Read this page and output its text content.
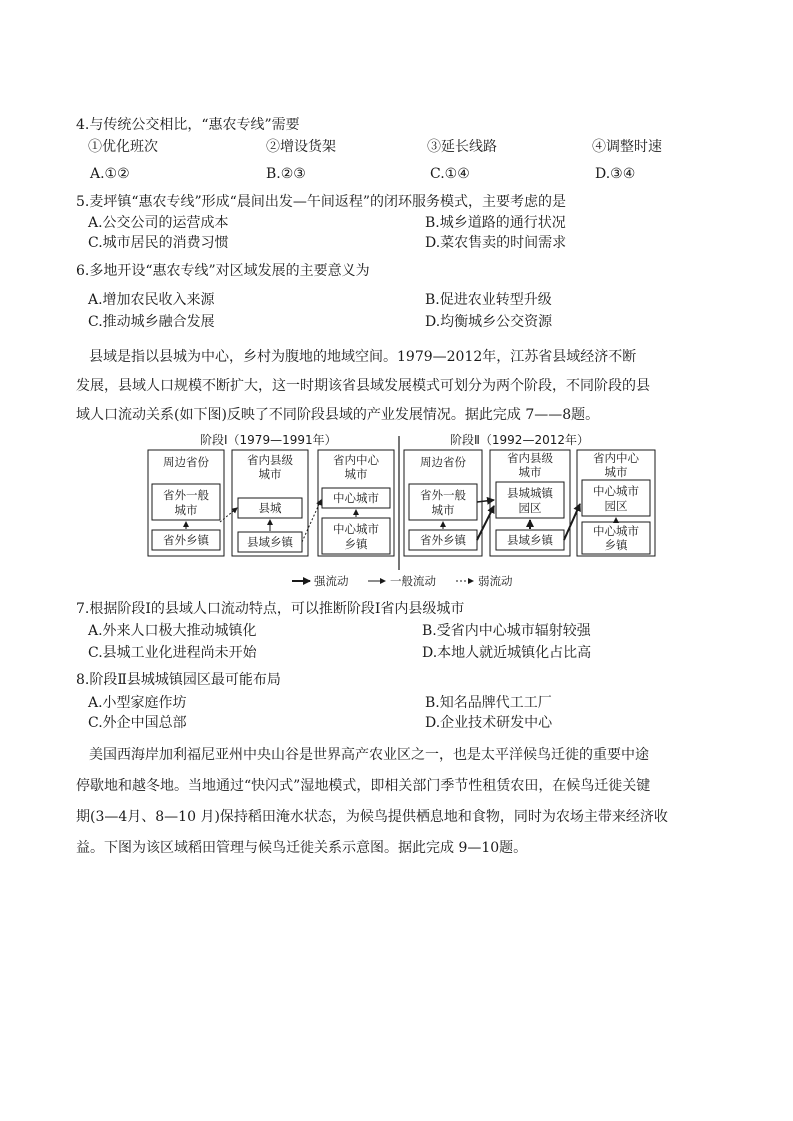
4.与传统公交相比，“惠农专线”需要
①优化班次	②增设货架	③延长线路	④调整时速
A.①②	B.②③	C.①④	D.③④
5.麦坪镇“惠农专线”形成“晨间出发—午间返程”的闭环服务模式，主要考虑的是
A.公交公司的运营成本	B.城乡道路的通行状况
C.城市居民的消费习惯	D.菜农售卖的时间需求
6.多地开设“惠农专线”对区域发展的主要意义为
A.增加农民收入来源	B.促进农业转型升级
C.推动城乡融合发展	D.均衡城乡公交资源
县域是指以县城为中心，乡村为腹地的地域空间。1979—2012年，江苏省县域经济不断
发展，县域人口规模不断扩大，这一时期该省县域发展模式可划分为两个阶段，不同阶段的县
域人口流动关系(如下图)反映了不同阶段县域的产业发展情况。据此完成 7——8题。
阶段Ⅰ（1979—1991年）	阶段Ⅱ（1992—2012年）
周边省份	省内县级
城市
省内中心
城市
省外一般
城市
省外乡镇
县城
县域乡镇
中心城市
中心城市
乡镇
周边省份	省内县级
城市
省内中心
城市
省外一般
城市
省外乡镇
县城城镇
园区
县域乡镇
中心城市
园区
中心城市
乡镇
强流动	一般流动	弱流动
7.根据阶段Ⅰ的县域人口流动特点，可以推断阶段Ⅰ省内县级城市
A.外来人口极大推动城镇化	B.受省内中心城市辐射较强
C.县城工业化进程尚未开始	D.本地人就近城镇化占比高
8.阶段Ⅱ县城城镇园区最可能布局
A.小型家庭作坊	B.知名品牌代工工厂
C.外企中国总部	D.企业技术研发中心
美国西海岸加利福尼亚州中央山谷是世界高产农业区之一，也是太平洋候鸟迁徙的重要中途
停歇地和越冬地。当地通过“快闪式”湿地模式，即相关部门季节性租赁农田，在候鸟迁徙关键
期(3—4月、8—10 月)保持稻田淹水状态，为候鸟提供栖息地和食物，同时为农场主带来经济收
益。下图为该区域稻田管理与候鸟迁徙关系示意图。据此完成 9—10题。
